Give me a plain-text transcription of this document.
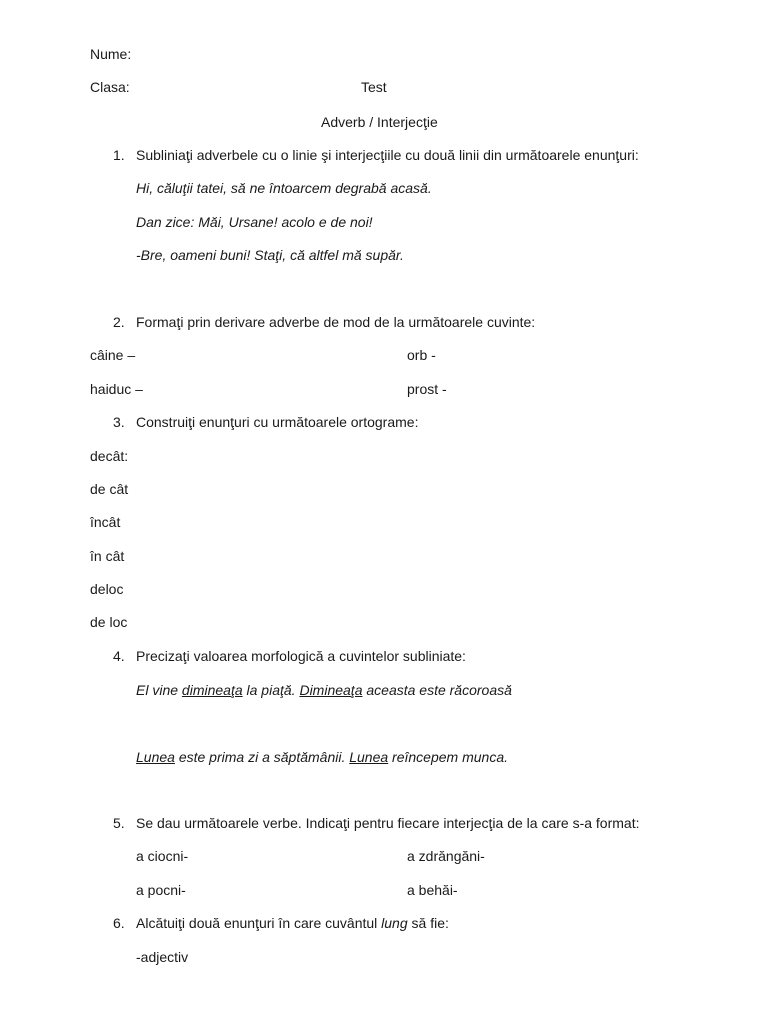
Nume:
Clasa:	Test
Adverb / Interjecţie
1. Subliniaţi adverbele cu o linie şi interjecţiile cu două linii din următoarele enunţuri:
Hi, căluţii tatei, să ne întoarcem degrabă acasă.
Dan zice: Măi, Ursane! acolo e de noi!
-Bre, oameni buni! Staţi, că altfel mă supăr.
2. Formaţi prin derivare adverbe de mod de la următoarele cuvinte:
câine –	orb -
haiduc –	prost -
3. Construiţi enunţuri cu următoarele ortograme:
decât:
de cât
încât
în cât
deloc
de loc
4. Precizaţi valoarea morfologică a cuvintelor subliniate:
El vine dimineaţa la piaţă. Dimineaţa aceasta este răcoroasă
Lunea este prima zi a săptămânii. Lunea reîncepem munca.
5. Se dau următoarele verbe. Indicaţi pentru fiecare interjecţia de la care s-a format:
a ciocni-	a zdrăngăni-
a pocni-	a behăi-
6. Alcătuiţi două enunţuri în care cuvântul lung să fie:
-adjectiv
